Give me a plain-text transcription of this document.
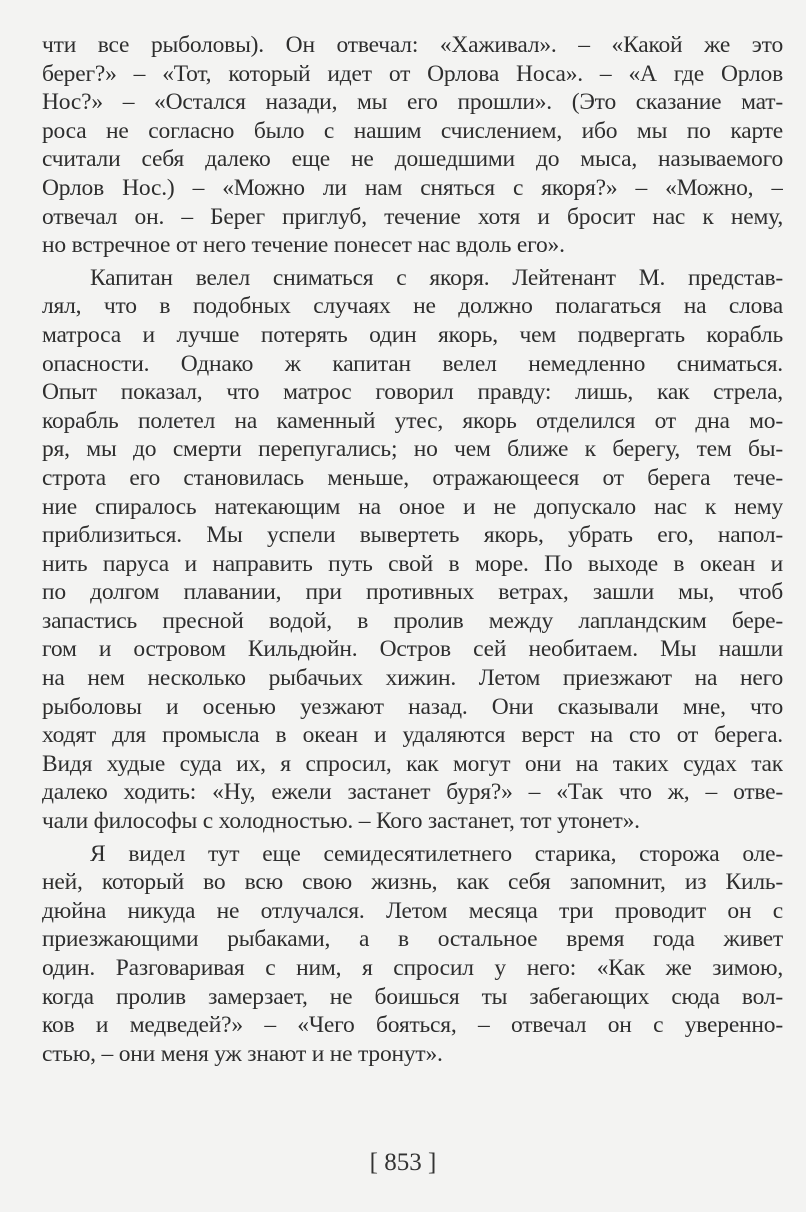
чти все рыболовы). Он отвечал: «Хаживал». – «Какой же это
берег?» – «Тот, который идет от Орлова Носа». – «А где Орлов
Нос?» – «Остался назади, мы его прошли». (Это сказание мат-
роса не согласно было с нашим счислением, ибо мы по карте
считали себя далеко еще не дошедшими до мыса, называемого
Орлов Нос.) – «Можно ли нам сняться с якоря?» – «Можно, –
отвечал он. – Берег приглуб, течение хотя и бросит нас к нему,
но встречное от него течение понесет нас вдоль его».
Капитан велел сниматься с якоря. Лейтенант М. представ-
лял, что в подобных случаях не должно полагаться на слова
матроса и лучше потерять один якорь, чем подвергать корабль
опасности. Однако ж капитан велел немедленно сниматься.
Опыт показал, что матрос говорил правду: лишь, как стрела,
корабль полетел на каменный утес, якорь отделился от дна мо-
ря, мы до смерти перепугались; но чем ближе к берегу, тем бы-
строта его становилась меньше, отражающееся от берега тече-
ние спиралось натекающим на оное и не допускало нас к нему
приблизиться. Мы успели вывертеть якорь, убрать его, напол-
нить паруса и направить путь свой в море. По выходе в океан и
по долгом плавании, при противных ветрах, зашли мы, чтоб
запастись пресной водой, в пролив между лапландским бере-
гом и островом Кильдюйн. Остров сей необитаем. Мы нашли
на нем несколько рыбачьих хижин. Летом приезжают на него
рыболовы и осенью уезжают назад. Они сказывали мне, что
ходят для промысла в океан и удаляются верст на сто от берега.
Видя худые суда их, я спросил, как могут они на таких судах так
далеко ходить: «Ну, ежели застанет буря?» – «Так что ж, – отве-
чали философы с холодностью. – Кого застанет, тот утонет».
Я видел тут еще семидесятилетнего старика, сторожа оле-
ней, который во всю свою жизнь, как себя запомнит, из Киль-
дюйна никуда не отлучался. Летом месяца три проводит он с
приезжающими рыбаками, а в остальное время года живет
один. Разговаривая с ним, я спросил у него: «Как же зимою,
когда пролив замерзает, не боишься ты забегающих сюда вол-
ков и медведей?» – «Чего бояться, – отвечал он с уверенно-
стью, – они меня уж знают и не тронут».
[ 853 ]
